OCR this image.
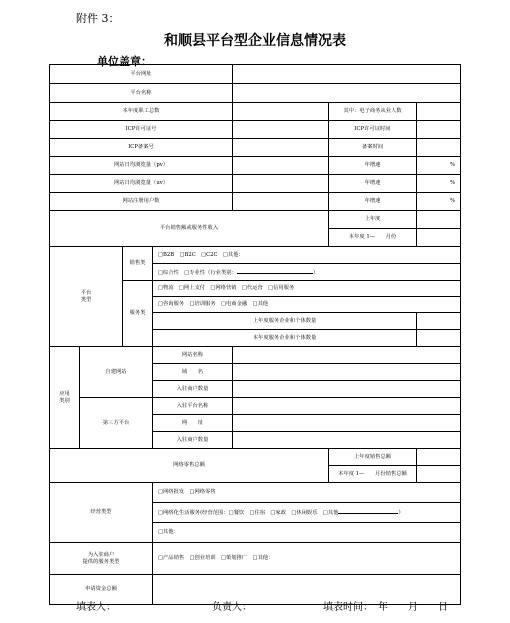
附件 3：
和顺县平台型企业信息情况表
单位盖章：
平台网址						
平台名称						
本年度职工总数					其中：电子商务从业人数	
ICP许可证号					ICP许可证时间	
ICP备案号					备案时间	
网站日均浏览量（pv）					年增速	%
网站日均浏览量（uv）					年增速	%
网站注册用户数					年增速	%
平台销售额或服务性收入					上年度	
					本年度 1—　　月份	
平台
类型		销售类	□B2B　□B2C　□C2C　□其他：			
			□综合性　□专业性（行业类别： ）			
		服务类	□物流　□网上支付　□网络营销　□代运营　□信用服务			
			□咨询服务　□培训服务　□电商金融　□其他			
			上年度服务企业和个体数量			
			本年度服务企业和个体数量			
应用
类别	自建网站		网站名称			
			域　　名			
			入驻商户数量			
	第三方平台		入驻平台名称			
			网　　址			
			入驻商户数量			
网络零售总额					上年度销售总额	
					本年度 1—　　月份销售总额	
经营类型			□网络批发　□网络零售			
			□网络化生活服务(经营范围：□餐饮　□住宿　□家政　□休闲娱乐　□其他 ）			
			□其他：			
为入驻商户
提供的服务类型			□产品销售　□创业培训　□策划推广　□其他：			
申请资金总额						
填表人：	负责人：	填表时间：　年　　月　　日
